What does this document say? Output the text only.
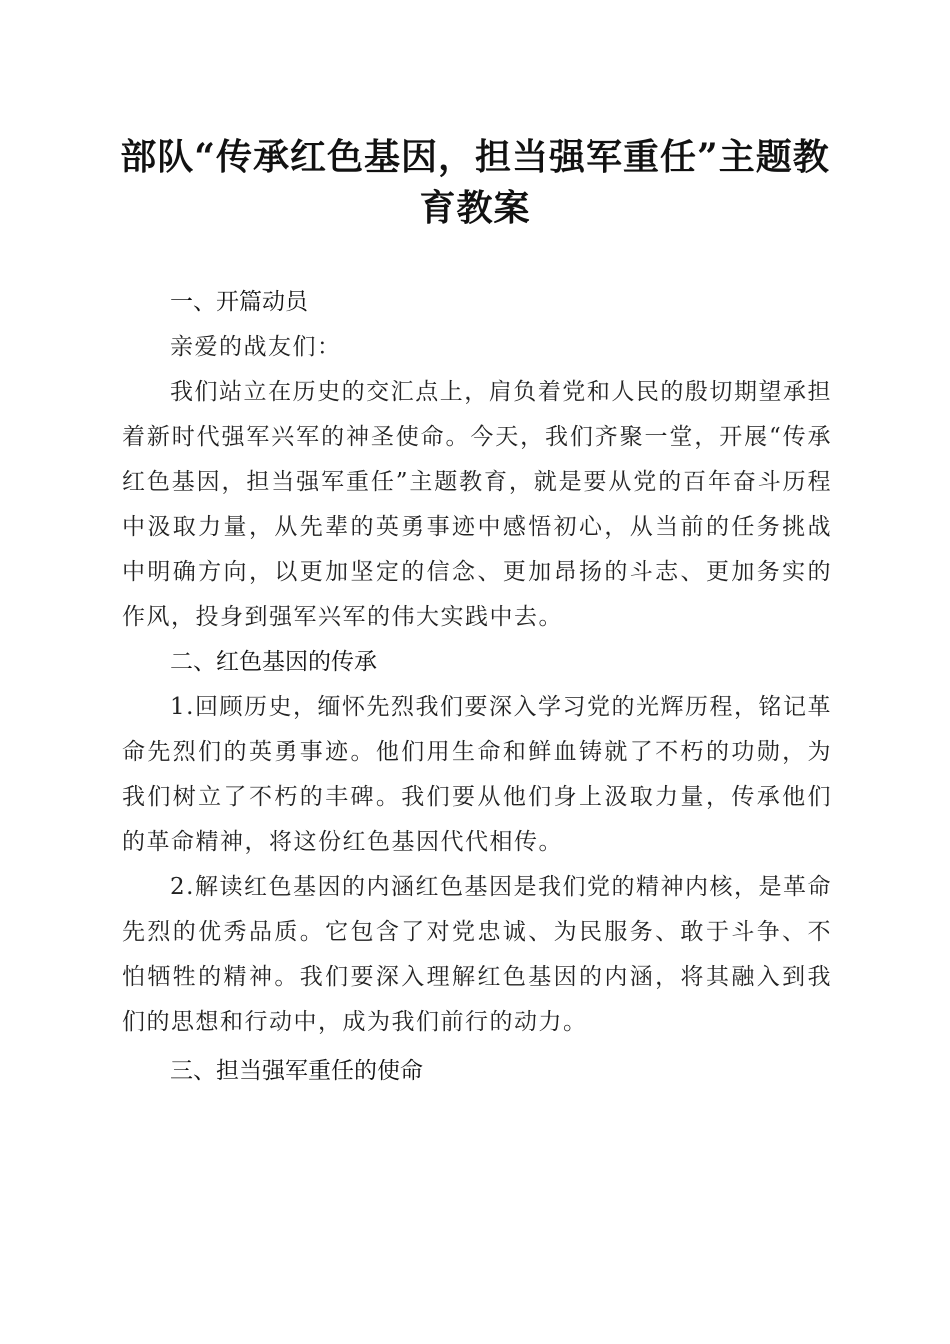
部队“传承红色基因，担当强军重任”主题教育教案

一、开篇动员

亲爱的战友们：

我们站立在历史的交汇点上，肩负着党和人民的殷切期望承担着新时代强军兴军的神圣使命。今天，我们齐聚一堂，开展“传承红色基因，担当强军重任”主题教育，就是要从党的百年奋斗历程中汲取力量，从先辈的英勇事迹中感悟初心，从当前的任务挑战中明确方向，以更加坚定的信念、更加昂扬的斗志、更加务实的作风，投身到强军兴军的伟大实践中去。

二、红色基因的传承

1.回顾历史，缅怀先烈我们要深入学习党的光辉历程，铭记革命先烈们的英勇事迹。他们用生命和鲜血铸就了不朽的功勋，为我们树立了不朽的丰碑。我们要从他们身上汲取力量，传承他们的革命精神，将这份红色基因代代相传。

2.解读红色基因的内涵红色基因是我们党的精神内核，是革命先烈的优秀品质。它包含了对党忠诚、为民服务、敢于斗争、不怕牺牲的精神。我们要深入理解红色基因的内涵，将其融入到我们的思想和行动中，成为我们前行的动力。

三、担当强军重任的使命
